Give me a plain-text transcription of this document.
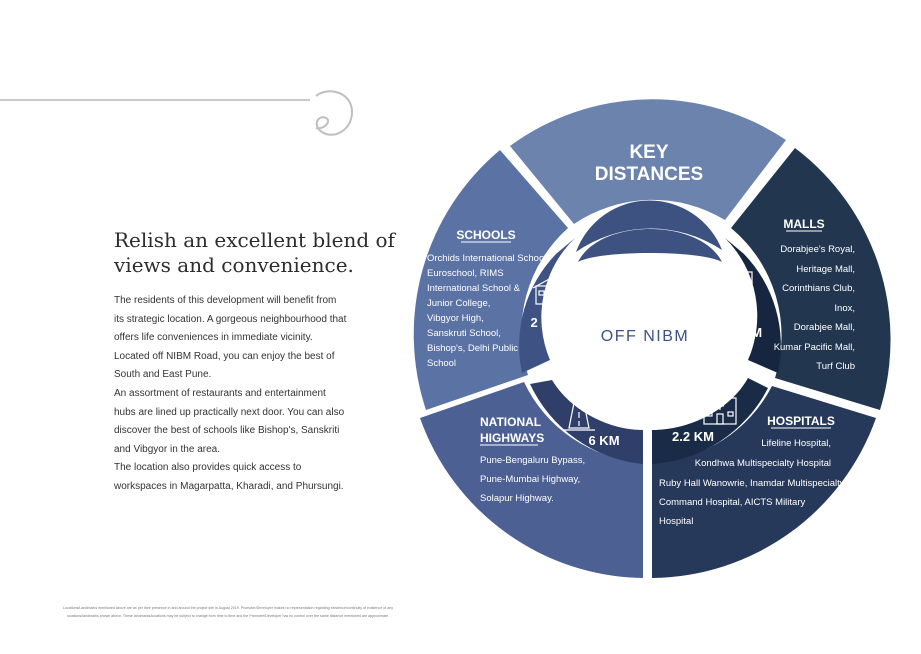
Relish an excellent blend of
views and convenience.

The residents of this development will benefit from

its strategic location. A gorgeous neighbourhood that

offers life conveniences in immediate vicinity.

Located off NIBM Road, you can enjoy the best of

South and East Pune.

An assortment of restaurants and entertainment

hubs are lined up practically next door. You can also

discover the best of schools like Bishop's, Sanskriti

and Vibgyor in the area.

The location also provides quick access to

workspaces in Magarpatta, Kharadi, and Phursungi.

KEY
DISTANCES
OFF NIBM
SCHOOLS
Orchids International School,
Euroschool, RIMS
International School &
Junior College,
Vibgyor High,
Sanskruti School,
Bishop's, Delhi Public
School
2 KM
MALLS
Dorabjee's Royal,
Heritage Mall,
Corinthians Club,
Inox,
Dorabjee Mall,
Kumar Pacific Mall,
Turf Club
MALL
1
KM
NATIONAL
HIGHWAYS
Pune-Bengaluru Bypass,
Pune-Mumbai Highway,
Solapur Highway.
6 KM
HOSPITALS
Lifeline Hospital,
Kondhwa Multispecialty Hospital
Ruby Hall Wanowrie, Inamdar Multispecialty,
Command Hospital, AICTS Military
Hospital
2.2 KM

Locations/Landmarks mentioned above are as per their presence in and around the project site in August 2019. Promoter/Developer makes no representation regarding existence/continuity of existence of any

locations/landmarks shown above. These landmarks/locations may be subject to change from time to time and the Promoter/Developer has no control over the same distance mentioned are approximate.
